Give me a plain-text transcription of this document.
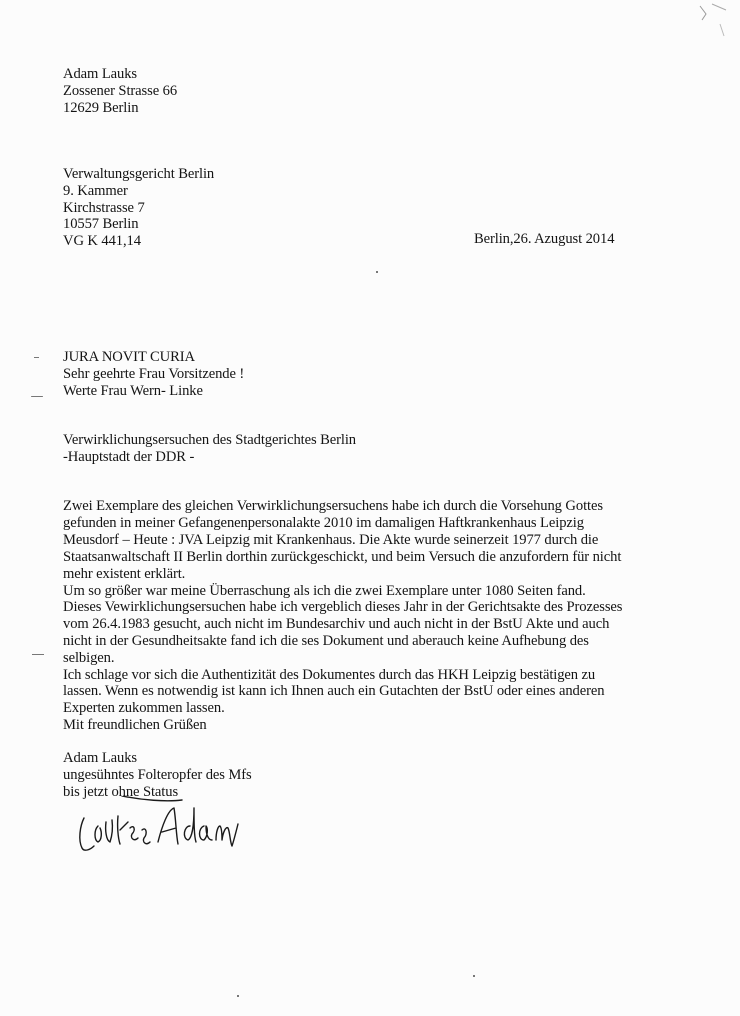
Adam Lauks
Zossener Strasse 66
12629 Berlin
Verwaltungsgericht Berlin
9. Kammer
Kirchstrasse 7
10557 Berlin
VG K 441,14	Berlin,26. Azugust 2014
JURA NOVIT CURIA
Sehr geehrte Frau Vorsitzende !
Werte Frau Wern- Linke
Verwirklichungsersuchen des Stadtgerichtes Berlin
-Hauptstadt der DDR -
Zwei Exemplare des gleichen Verwirklichungsersuchens habe ich durch die Vorsehung Gottes
gefunden in meiner Gefangenenpersonalakte 2010 im damaligen Haftkrankenhaus Leipzig
Meusdorf – Heute : JVA Leipzig mit Krankenhaus. Die Akte wurde seinerzeit 1977 durch die
Staatsanwaltschaft II Berlin dorthin zurückgeschickt, und beim Versuch die anzufordern für nicht
mehr existent erklärt.
Um so größer war meine Überraschung als ich die zwei Exemplare unter 1080 Seiten fand.
Dieses Vewirklichungsersuchen habe ich vergeblich dieses Jahr in der Gerichtsakte des Prozesses
vom 26.4.1983 gesucht, auch nicht im Bundesarchiv und auch nicht in der BstU Akte und auch
nicht in der Gesundheitsakte fand ich die ses Dokument und aberauch keine Aufhebung des
selbigen.
Ich schlage vor sich die Authentizität des Dokumentes durch das HKH Leipzig bestätigen zu
lassen. Wenn es notwendig ist kann ich Ihnen auch ein Gutachten der BstU oder eines anderen
Experten zukommen lassen.
Mit freundlichen Grüßen
Adam Lauks
ungesühntes Folteropfer des Mfs
bis jetzt ohne Status
